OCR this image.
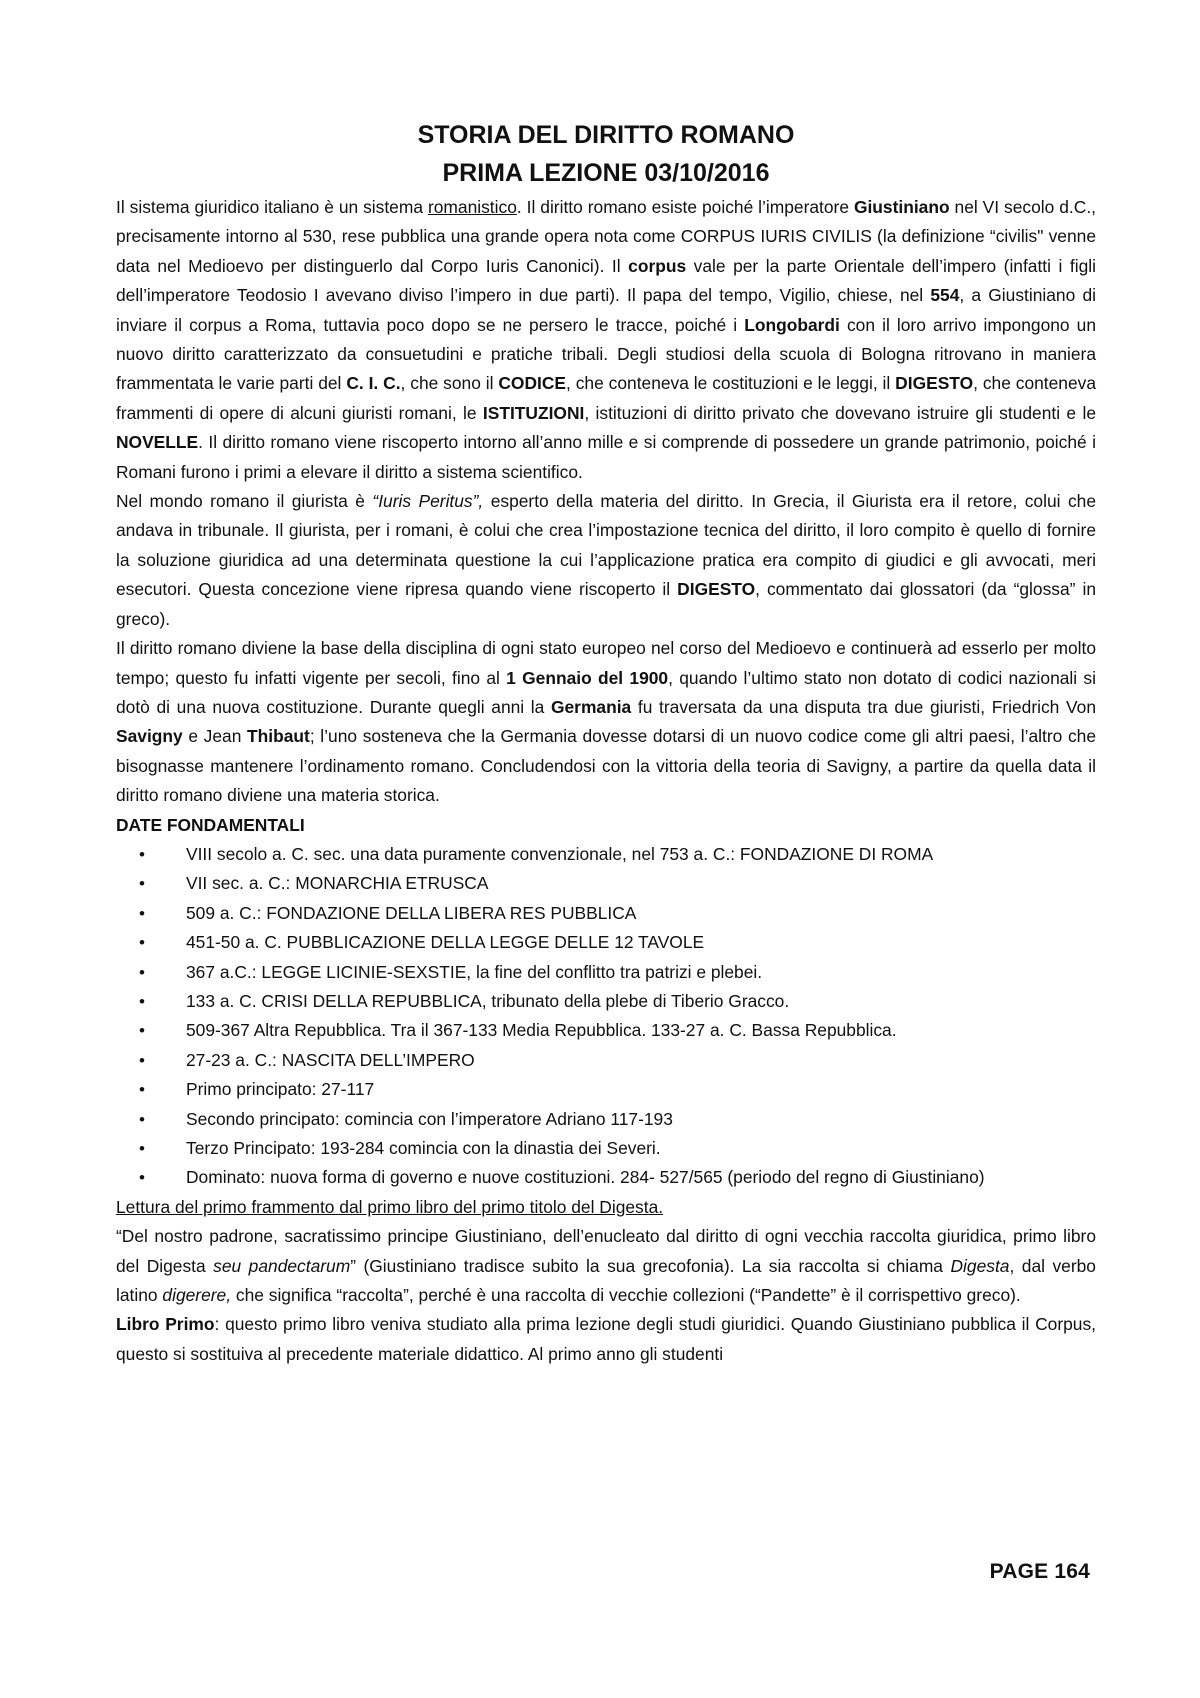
STORIA DEL DIRITTO ROMANO
PRIMA LEZIONE 03/10/2016

Il sistema giuridico italiano è un sistema romanistico. Il diritto romano esiste poiché l’imperatore Giustiniano nel VI secolo d.C., precisamente intorno al 530, rese pubblica una grande opera nota come CORPUS IURIS CIVILIS (la definizione “civilis" venne data nel Medioevo per distinguerlo dal Corpo Iuris Canonici). Il corpus vale per la parte Orientale dell’impero (infatti i figli dell’imperatore Teodosio I avevano diviso l’impero in due parti). Il papa del tempo, Vigilio, chiese, nel 554, a Giustiniano di inviare il corpus a Roma, tuttavia poco dopo se ne persero le tracce, poiché i Longobardi con il loro arrivo impongono un nuovo diritto caratterizzato da consuetudini e pratiche tribali. Degli studiosi della scuola di Bologna ritrovano in maniera frammentata le varie parti del C. I. C., che sono il CODICE, che conteneva le costituzioni e le leggi, il DIGESTO, che conteneva frammenti di opere di alcuni giuristi romani, le ISTITUZIONI, istituzioni di diritto privato che dovevano istruire gli studenti e le NOVELLE. Il diritto romano viene riscoperto intorno all’anno mille e si comprende di possedere un grande patrimonio, poiché i Romani furono i primi a elevare il diritto a sistema scientifico.

Nel mondo romano il giurista è “Iuris Peritus”, esperto della materia del diritto. In Grecia, il Giurista era il retore, colui che andava in tribunale. Il giurista, per i romani, è colui che crea l’impostazione tecnica del diritto, il loro compito è quello di fornire la soluzione giuridica ad una determinata questione la cui l’applicazione pratica era compito di giudici e gli avvocati, meri esecutori. Questa concezione viene ripresa quando viene riscoperto il DIGESTO, commentato dai glossatori (da “glossa” in greco).

Il diritto romano diviene la base della disciplina di ogni stato europeo nel corso del Medioevo e continuerà ad esserlo per molto tempo; questo fu infatti vigente per secoli, fino al 1 Gennaio del 1900, quando l’ultimo stato non dotato di codici nazionali si dotò di una nuova costituzione. Durante quegli anni la Germania fu traversata da una disputa tra due giuristi, Friedrich Von Savigny e Jean Thibaut; l’uno sosteneva che la Germania dovesse dotarsi di un nuovo codice come gli altri paesi, l’altro che bisognasse mantenere l’ordinamento romano. Concludendosi con la vittoria della teoria di Savigny, a partire da quella data il diritto romano diviene una materia storica.

DATE FONDAMENTALI
• VIII secolo a. C. sec. una data puramente convenzionale, nel 753 a. C.: FONDAZIONE DI ROMA
• VII sec. a. C.: MONARCHIA ETRUSCA
• 509 a. C.: FONDAZIONE DELLA LIBERA RES PUBBLICA
• 451-50 a. C. PUBBLICAZIONE DELLA LEGGE DELLE 12 TAVOLE
• 367 a.C.: LEGGE LICINIE-SEXSTIE, la fine del conflitto tra patrizi e plebei.
• 133 a. C. CRISI DELLA REPUBBLICA, tribunato della plebe di Tiberio Gracco.
• 509-367 Altra Repubblica. Tra il 367-133 Media Repubblica. 133-27 a. C. Bassa Repubblica.
• 27-23 a. C.: NASCITA DELL’IMPERO
• Primo principato: 27-117
• Secondo principato: comincia con l’imperatore Adriano 117-193
• Terzo Principato: 193-284 comincia con la dinastia dei Severi.
• Dominato: nuova forma di governo e nuove costituzioni. 284- 527/565 (periodo del regno di Giustiniano)

Lettura del primo frammento dal primo libro del primo titolo del Digesta.

“Del nostro padrone, sacratissimo principe Giustiniano, dell’enucleato dal diritto di ogni vecchia raccolta giuridica, primo libro del Digesta seu pandectarum” (Giustiniano tradisce subito la sua grecofonia). La sia raccolta si chiama Digesta, dal verbo latino digerere, che significa “raccolta”, perché è una raccolta di vecchie collezioni (“Pandette” è il corrispettivo greco).

Libro Primo: questo primo libro veniva studiato alla prima lezione degli studi giuridici. Quando Giustiniano pubblica il Corpus, questo si sostituiva al precedente materiale didattico. Al primo anno gli studenti

PAGE 164
